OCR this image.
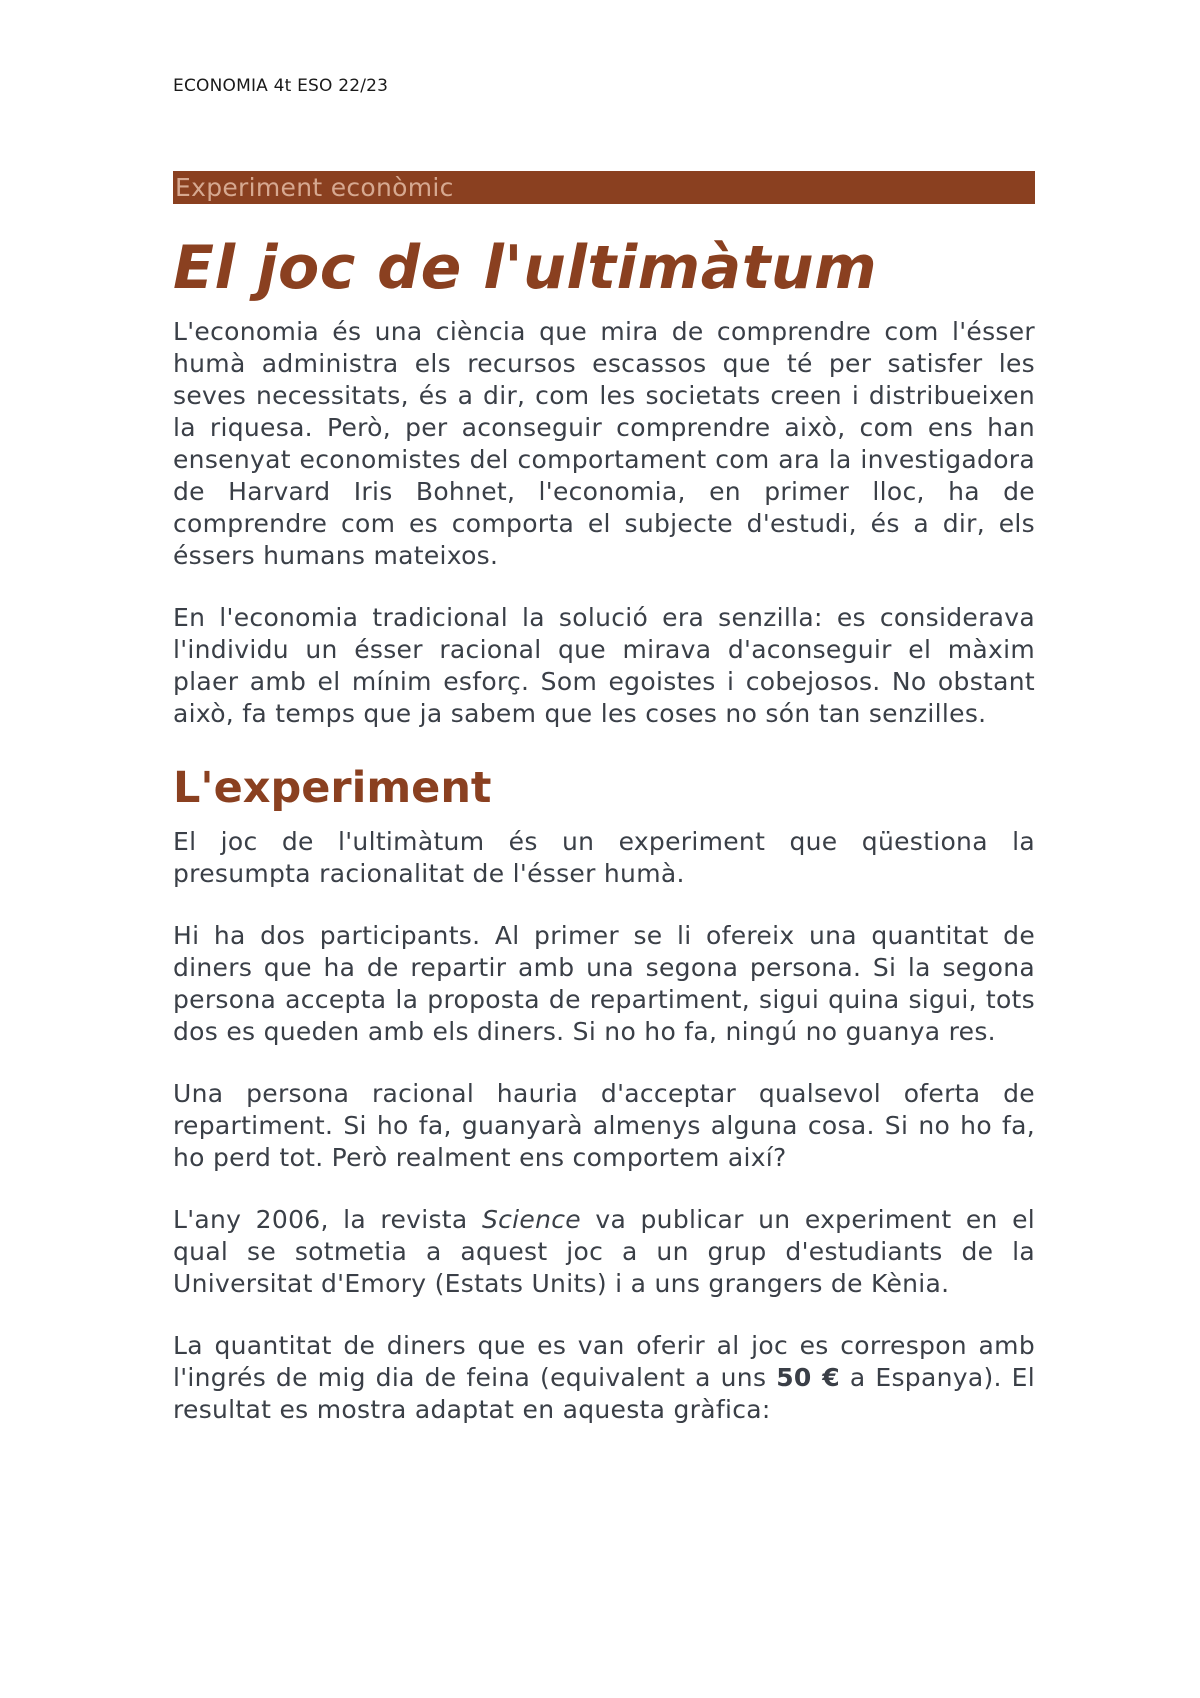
ECONOMIA 4t ESO 22/23
Experiment econòmic
El joc de l'ultimàtum

L'economia és una ciència que mira de comprendre com l'ésser humà administra els recursos escassos que té per satisfer les seves necessitats, és a dir, com les societats creen i distribueixen la riquesa. Però, per aconseguir comprendre això, com ens han ensenyat economistes del comportament com ara la investigadora de Harvard Iris Bohnet, l'economia, en primer lloc, ha de comprendre com es comporta el subjecte d'estudi, és a dir, els éssers humans mateixos.

En l'economia tradicional la solució era senzilla: es considerava l'individu un ésser racional que mirava d'aconseguir el màxim plaer amb el mínim esforç. Som egoistes i cobejosos. No obstant això, fa temps que ja sabem que les coses no són tan senzilles.

L'experiment

El joc de l'ultimàtum és un experiment que qüestiona la presumpta racionalitat de l'ésser humà.

Hi ha dos participants. Al primer se li ofereix una quantitat de diners que ha de repartir amb una segona persona. Si la segona persona accepta la proposta de repartiment, sigui quina sigui, tots dos es queden amb els diners. Si no ho fa, ningú no guanya res.

Una persona racional hauria d'acceptar qualsevol oferta de repartiment. Si ho fa, guanyarà almenys alguna cosa. Si no ho fa, ho perd tot. Però realment ens comportem així?

L'any 2006, la revista Science va publicar un experiment en el qual se sotmetia a aquest joc a un grup d'estudiants de la Universitat d'Emory (Estats Units) i a uns grangers de Kènia.

La quantitat de diners que es van oferir al joc es correspon amb l'ingrés de mig dia de feina (equivalent a uns 50 € a Espanya). El resultat es mostra adaptat en aquesta gràfica:
